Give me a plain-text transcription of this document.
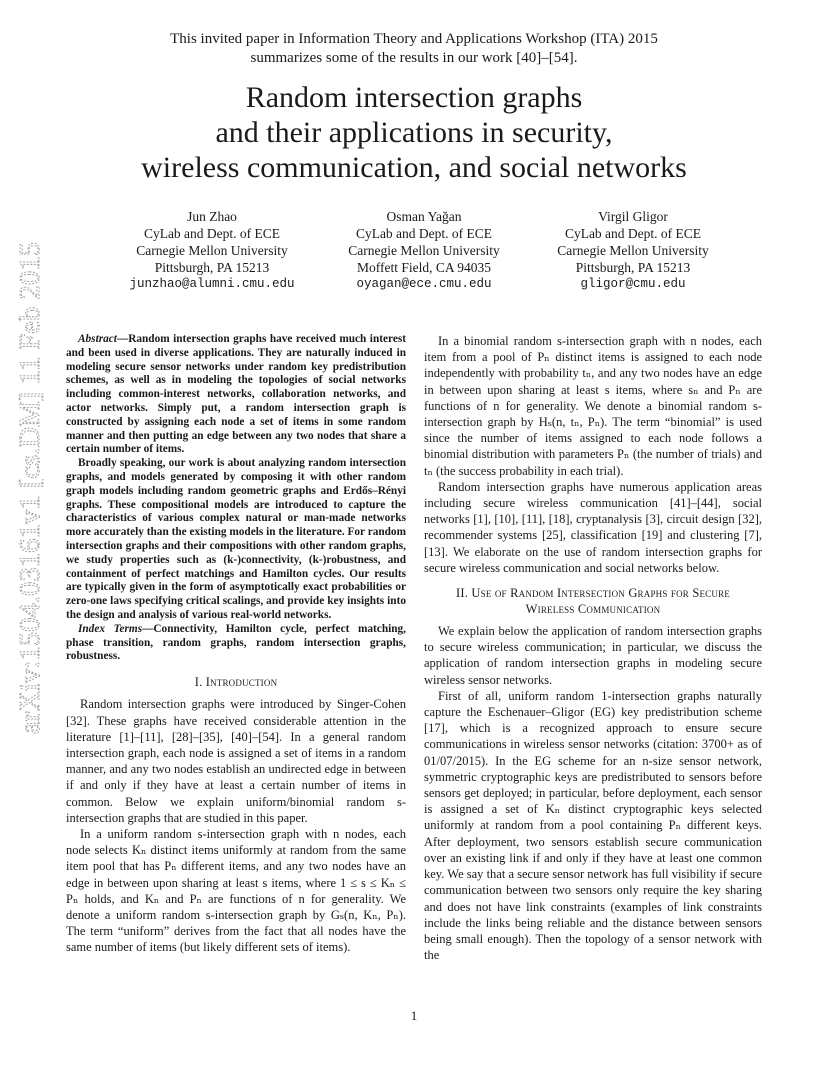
arXiv:1504.03161v1 [cs.DM] 11 Feb 2015
This invited paper in Information Theory and Applications Workshop (ITA) 2015
summarizes some of the results in our work [40]–[54].
Random intersection graphs
and their applications in security,
wireless communication, and social networks
Jun Zhao
CyLab and Dept. of ECE
Carnegie Mellon University
Pittsburgh, PA 15213
junzhao@alumni.cmu.edu
Osman Yağan
CyLab and Dept. of ECE
Carnegie Mellon University
Moffett Field, CA 94035
oyagan@ece.cmu.edu
Virgil Gligor
CyLab and Dept. of ECE
Carnegie Mellon University
Pittsburgh, PA 15213
gligor@cmu.edu

Abstract—Random intersection graphs have received much interest and been used in diverse applications. They are naturally induced in modeling secure sensor networks under random key predistribution schemes, as well as in modeling the topologies of social networks including common-interest networks, collaboration networks, and actor networks. Simply put, a random intersection graph is constructed by assigning each node a set of items in some random manner and then putting an edge between any two nodes that share a certain number of items.

Broadly speaking, our work is about analyzing random intersection graphs, and models generated by composing it with other random graph models including random geometric graphs and Erdős–Rényi graphs. These compositional models are introduced to capture the characteristics of various complex natural or man-made networks more accurately than the existing models in the literature. For random intersection graphs and their compositions with other random graphs, we study properties such as (k-)connectivity, (k-)robustness, and containment of perfect matchings and Hamilton cycles. Our results are typically given in the form of asymptotically exact probabilities or zero-one laws specifying critical scalings, and provide key insights into the design and analysis of various real-world networks.

Index Terms—Connectivity, Hamilton cycle, perfect matching, phase transition, random graphs, random intersection graphs, robustness.

I. Introduction

Random intersection graphs were introduced by Singer-Cohen [32]. These graphs have received considerable attention in the literature [1]–[11], [28]–[35], [40]–[54]. In a general random intersection graph, each node is assigned a set of items in a random manner, and any two nodes establish an undirected edge in between if and only if they have at least a certain number of items in common. Below we explain uniform/binomial random s-intersection graphs that are studied in this paper.

In a uniform random s-intersection graph with n nodes, each node selects Kₙ distinct items uniformly at random from the same item pool that has Pₙ different items, and any two nodes have an edge in between upon sharing at least s items, where 1 ≤ s ≤ Kₙ ≤ Pₙ holds, and Kₙ and Pₙ are functions of n for generality. We denote a uniform random s-intersection graph by Gₛ(n, Kₙ, Pₙ). The term “uniform” derives from the fact that all nodes have the same number of items (but likely different sets of items).

In a binomial random s-intersection graph with n nodes, each item from a pool of Pₙ distinct items is assigned to each node independently with probability tₙ, and any two nodes have an edge in between upon sharing at least s items, where sₙ and Pₙ are functions of n for generality. We denote a binomial random s-intersection graph by Hₛ(n, tₙ, Pₙ). The term “binomial” is used since the number of items assigned to each node follows a binomial distribution with parameters Pₙ (the number of trials) and tₙ (the success probability in each trial).

Random intersection graphs have numerous application areas including secure wireless communication [41]–[44], social networks [1], [10], [11], [18], cryptanalysis [3], circuit design [32], recommender systems [25], classification [19] and clustering [7], [13]. We elaborate on the use of random intersection graphs for secure wireless communication and social networks below.

II. Use of Random Intersection Graphs for Secure
Wireless Communication

We explain below the application of random intersection graphs to secure wireless communication; in particular, we discuss the application of random intersection graphs in modeling secure wireless sensor networks.

First of all, uniform random 1-intersection graphs naturally capture the Eschenauer–Gligor (EG) key predistribution scheme [17], which is a recognized approach to ensure secure communications in wireless sensor networks (citation: 3700+ as of 01/07/2015). In the EG scheme for an n-size sensor network, symmetric cryptographic keys are predistributed to sensors before sensors get deployed; in particular, before deployment, each sensor is assigned a set of Kₙ distinct cryptographic keys selected uniformly at random from a pool containing Pₙ different keys. After deployment, two sensors establish secure communication over an existing link if and only if they have at least one common key. We say that a secure sensor network has full visibility if secure communication between two sensors only require the key sharing and does not have link constraints (examples of link constraints include the links being reliable and the distance between sensors being small enough). Then the topology of a sensor network with the

1
